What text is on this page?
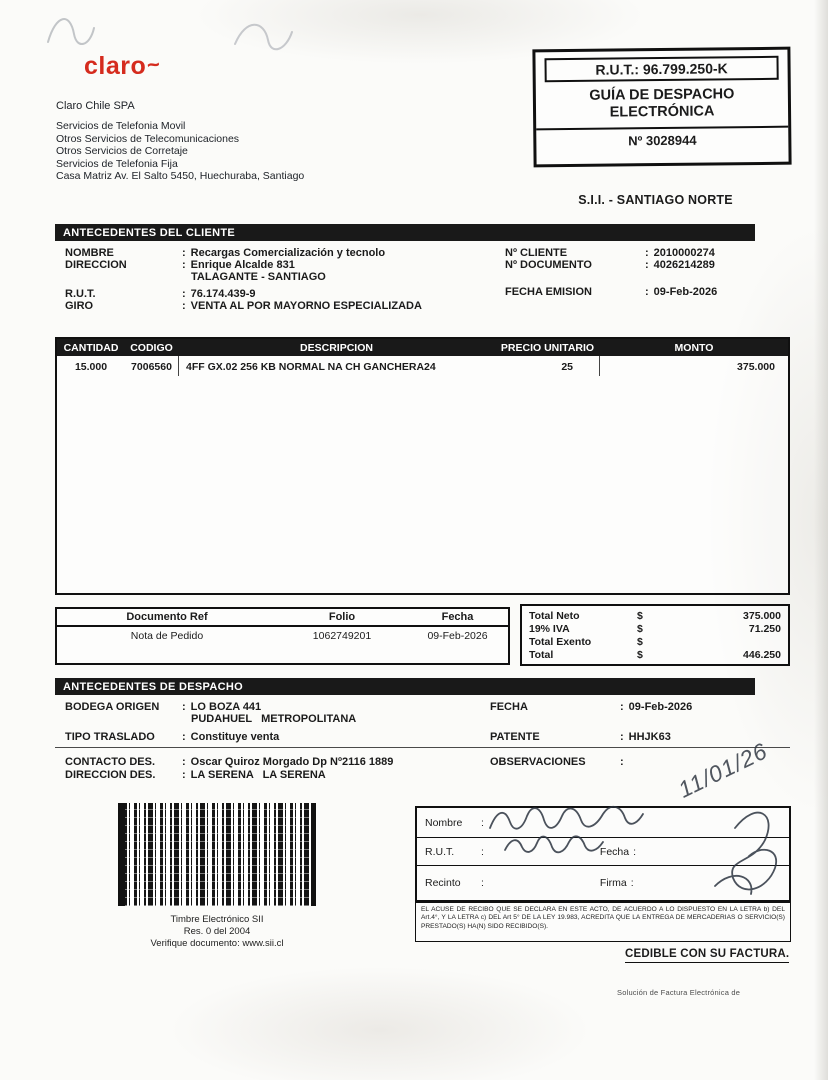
claro ~
Claro Chile SPA
Servicios de Telefonia Movil
Otros Servicios de Telecomunicaciones
Otros Servicios de Corretaje
Servicios de Telefonia Fija
Casa Matriz Av. El Salto 5450, Huechuraba, Santiago
R.U.T.: 96.799.250-K
GUÍA DE DESPACHO
ELECTRÓNICA
Nº 3028944
S.I.I. - SANTIAGO NORTE
ANTECEDENTES DEL CLIENTE
NOMBRE	: Recargas Comercialización y tecnolo
DIRECCION	: Enrique Alcalde 831
TALAGANTE - SANTIAGO
R.U.T.	: 76.174.439-9
GIRO	: VENTA AL POR MAYORNO ESPECIALIZADA
Nº CLIENTE	: 2010000274
Nº DOCUMENTO	: 4026214289
FECHA EMISION	: 09-Feb-2026
CANTIDAD	CODIGO	DESCRIPCION	PRECIO UNITARIO	MONTO
15.000	7006560	4FF GX.02 256 KB NORMAL NA CH GANCHERA24	25	375.000
Documento Ref	Folio	Fecha
Nota de Pedido	1062749201	09-Feb-2026
Total Neto	$	375.000
19% IVA	$	71.250
Total Exento	$
Total	$	446.250
ANTECEDENTES DE DESPACHO
BODEGA ORIGEN	: LO BOZA 441
PUDAHUEL   METROPOLITANA
TIPO TRASLADO	: Constituye venta
FECHA	: 09-Feb-2026
PATENTE	: HHJK63
CONTACTO DES.	: Oscar Quiroz Morgado Dp Nº2116 1889
DIRECCION DES.	: LA SERENA   LA SERENA
OBSERVACIONES	:
Timbre Electrónico SII
Res. 0 del 2004
Verifique documento: www.sii.cl
Nombre	:
R.U.T.	:	Fecha :
Recinto	:	Firma :
EL ACUSE DE RECIBO QUE SE DECLARA EN ESTE ACTO, DE ACUERDO A LO DISPUESTO EN LA LETRA b) DEL Art.4°, Y LA LETRA c) DEL Art 5° DE LA LEY 19.983, ACREDITA QUE LA ENTREGA DE MERCADERIAS O SERVICIO(S) PRESTADO(S) HA(N) SIDO RECIBIDO(S).
CEDIBLE CON SU FACTURA.
Solución de Factura Electrónica de
11/01/26
